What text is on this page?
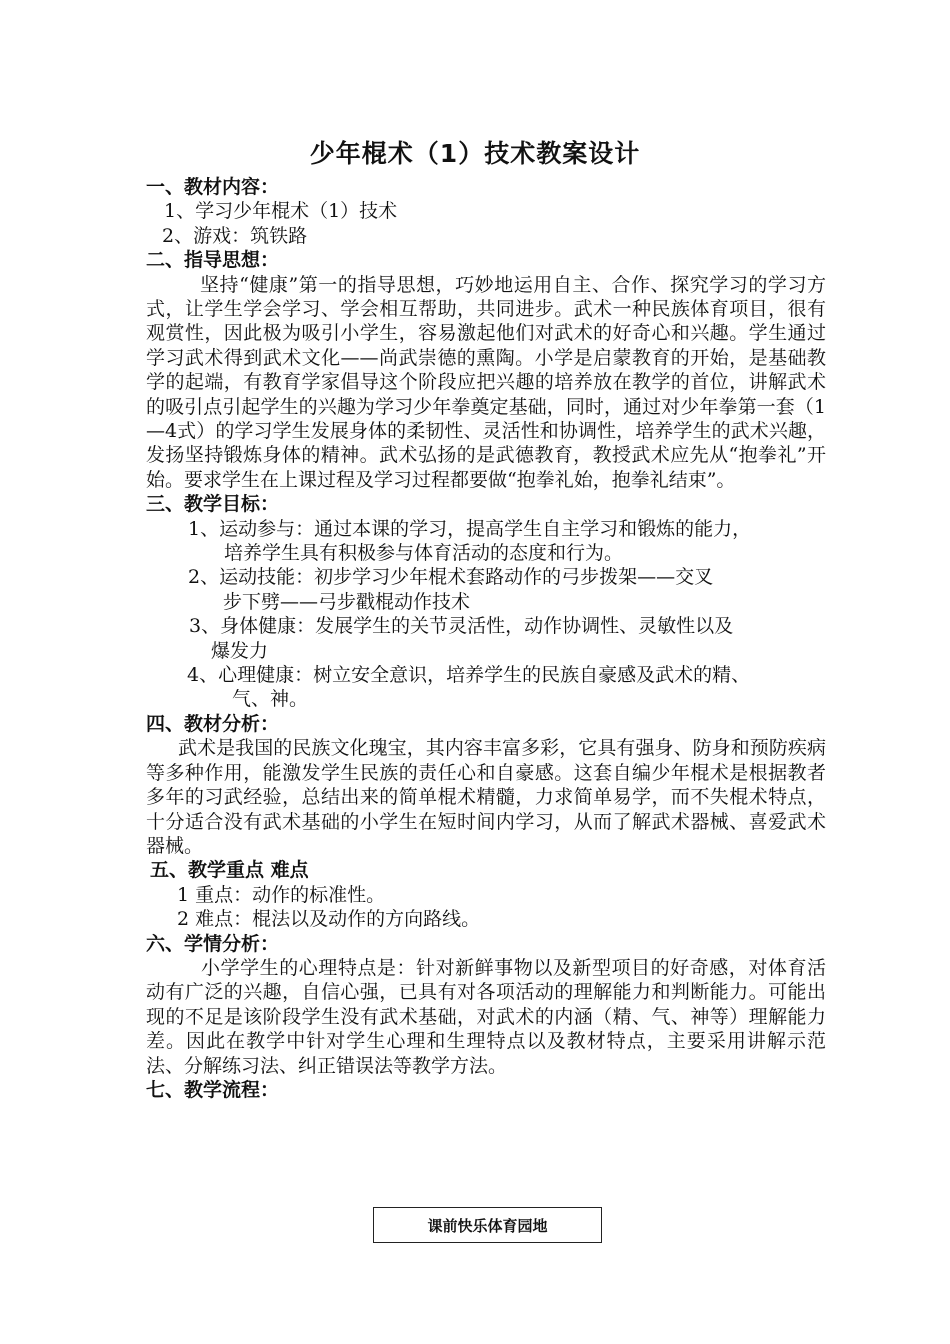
少年棍术（1）技术教案设计
一、教材内容：
1、学习少年棍术（1）技术
2、游戏：筑铁路
二、指导思想：
坚持“健康”第一的指导思想，巧妙地运用自主、合作、探究学习的学习方式，让学生学会学习、学会相互帮助，共同进步。武术一种民族体育项目，很有观赏性，因此极为吸引小学生，容易激起他们对武术的好奇心和兴趣。学生通过学习武术得到武术文化——尚武崇德的熏陶。小学是启蒙教育的开始，是基础教学的起端，有教育学家倡导这个阶段应把兴趣的培养放在教学的首位，讲解武术的吸引点引起学生的兴趣为学习少年拳奠定基础，同时，通过对少年拳第一套（1—4式）的学习学生发展身体的柔韧性、灵活性和协调性，培养学生的武术兴趣，发扬坚持锻炼身体的精神。武术弘扬的是武德教育，教授武术应先从“抱拳礼”开始。要求学生在上课过程及学习过程都要做“抱拳礼始，抱拳礼结束”。
三、教学目标：
1、运动参与：通过本课的学习，提高学生自主学习和锻炼的能力，
培养学生具有积极参与体育活动的态度和行为。
2、运动技能：初步学习少年棍术套路动作的弓步拨架——交叉
步下劈——弓步戳棍动作技术
3、身体健康：发展学生的关节灵活性，动作协调性、灵敏性以及
爆发力
4、心理健康：树立安全意识，培养学生的民族自豪感及武术的精、
气、神。
四、教材分析：
武术是我国的民族文化瑰宝，其内容丰富多彩，它具有强身、防身和预防疾病等多种作用，能激发学生民族的责任心和自豪感。这套自编少年棍术是根据教者多年的习武经验，总结出来的简单棍术精髓，力求简单易学，而不失棍术特点，十分适合没有武术基础的小学生在短时间内学习，从而了解武术器械、喜爱武术器械。
五、教学重点 难点
1 重点：动作的标准性。
2 难点：棍法以及动作的方向路线。
六、学情分析：
小学学生的心理特点是：针对新鲜事物以及新型项目的好奇感，对体育活动有广泛的兴趣，自信心强，已具有对各项活动的理解能力和判断能力。可能出现的不足是该阶段学生没有武术基础，对武术的内涵（精、气、神等）理解能力差。因此在教学中针对学生心理和生理特点以及教材特点，主要采用讲解示范法、分解练习法、纠正错误法等教学方法。
七、教学流程：
课前快乐体育园地
